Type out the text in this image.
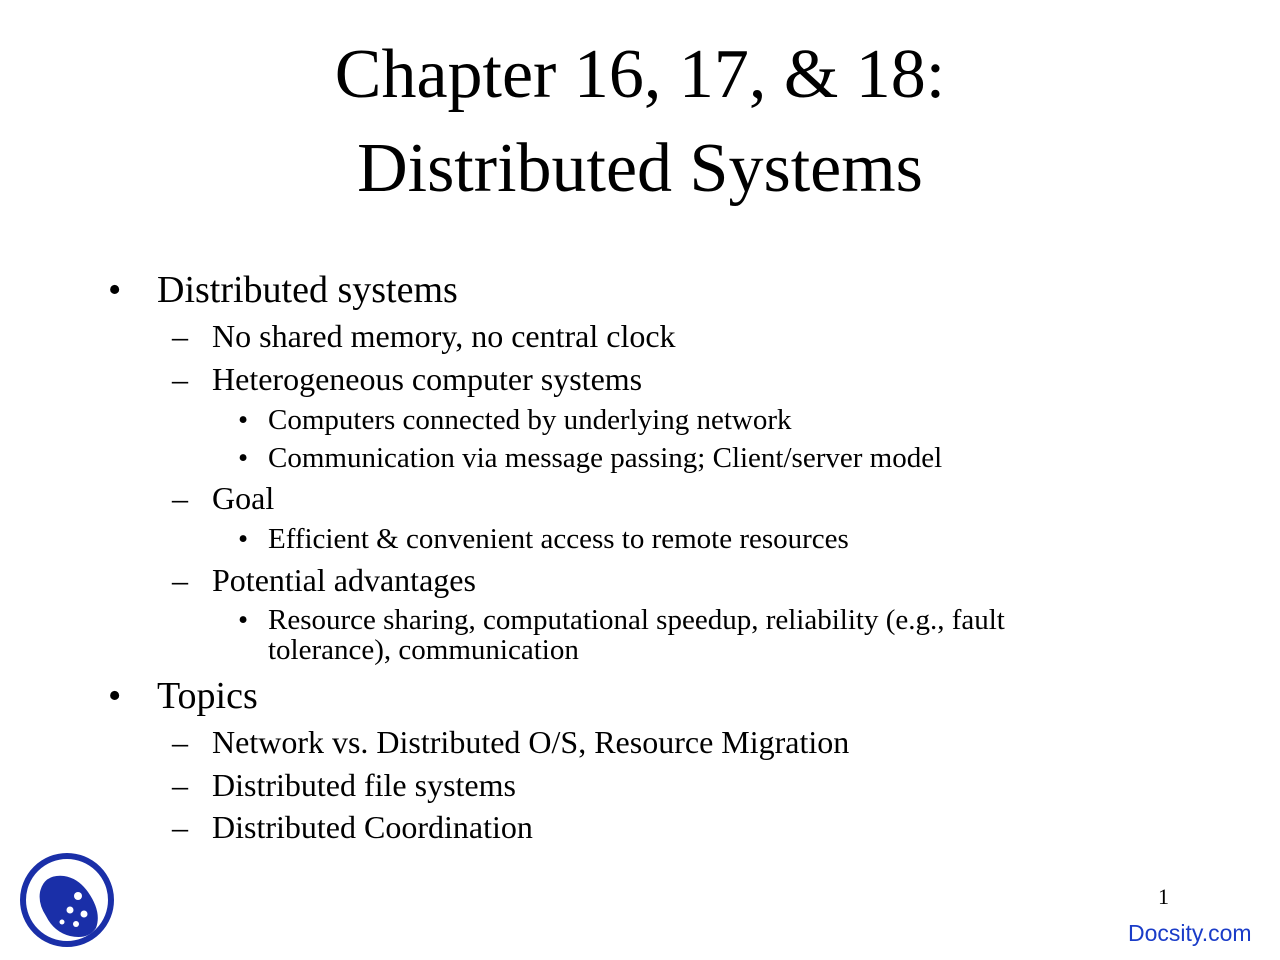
Chapter 16, 17, & 18:
Distributed Systems
• Distributed systems
– No shared memory, no central clock
– Heterogeneous computer systems
• Computers connected by underlying network
• Communication via message passing; Client/server model
– Goal
• Efficient & convenient access to remote resources
– Potential advantages
• Resource sharing, computational speedup, reliability (e.g., fault
tolerance), communication
• Topics
– Network vs. Distributed O/S, Resource Migration
– Distributed file systems
– Distributed Coordination
1
Docsity.com
